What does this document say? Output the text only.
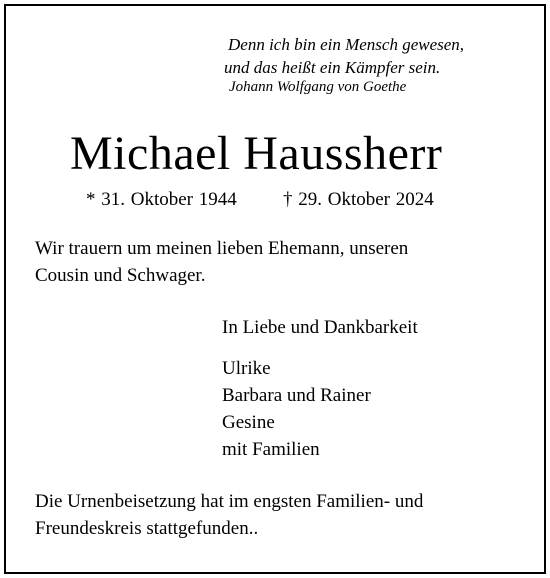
Denn ich bin ein Mensch gewesen,
und das heißt ein Kämpfer sein.
Johann Wolfgang von Goethe
Michael Haussherr
* 31. Oktober 1944 † 29. Oktober 2024
Wir trauern um meinen lieben Ehemann, unseren
Cousin und Schwager.
In Liebe und Dankbarkeit
Ulrike
Barbara und Rainer
Gesine
mit Familien
Die Urnenbeisetzung hat im engsten Familien- und
Freundeskreis stattgefunden..
